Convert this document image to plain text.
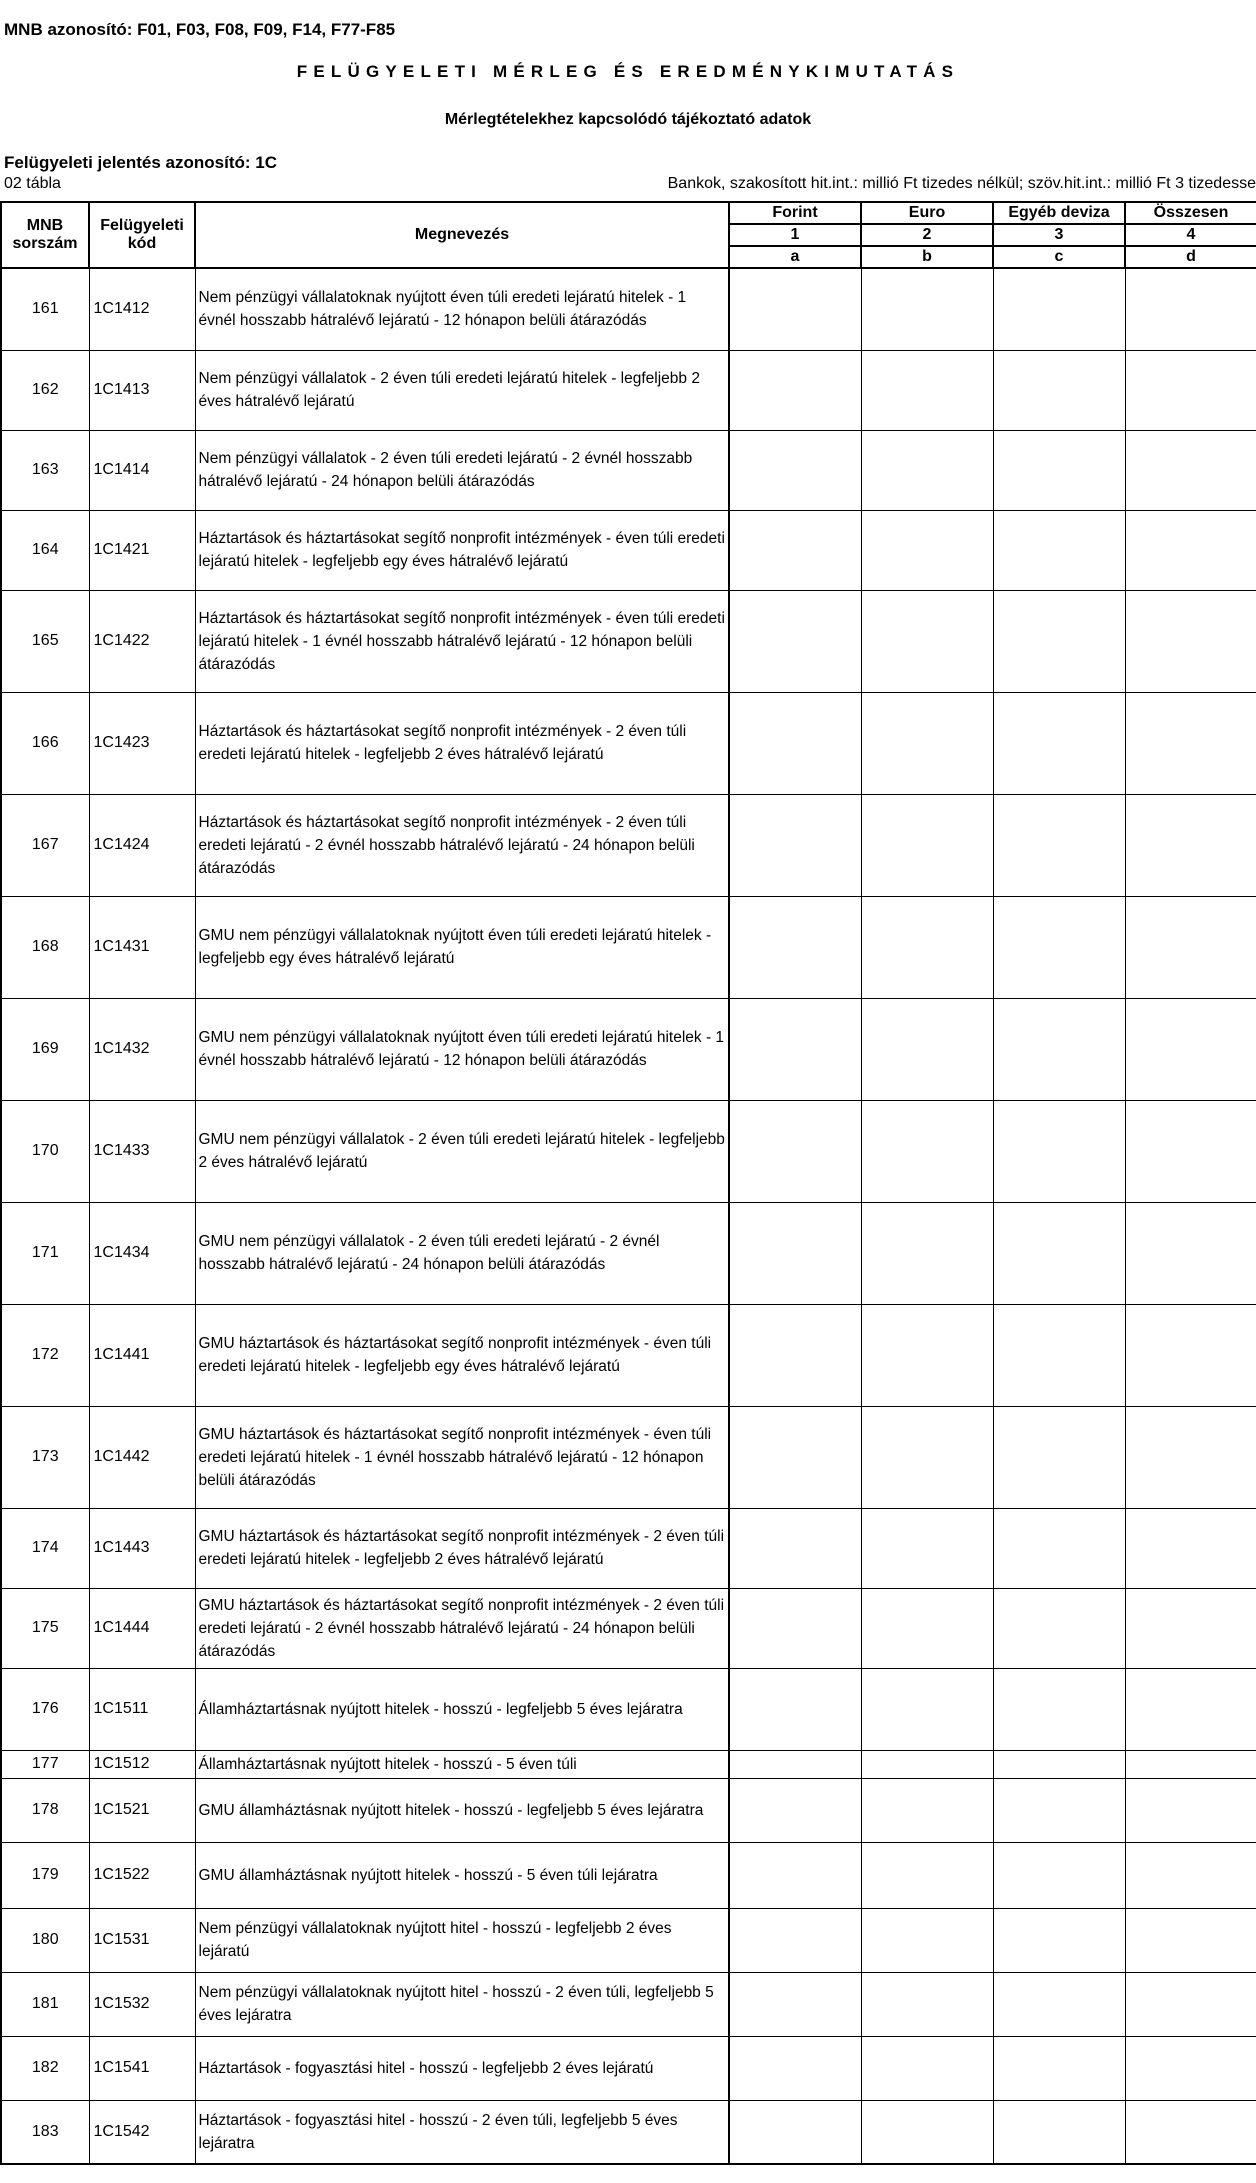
MNB azonosító: F01, F03, F08, F09, F14, F77-F85
FELÜGYELETI MÉRLEG ÉS EREDMÉNYKIMUTATÁS
Mérlegtételekhez kapcsolódó tájékoztató adatok
Felügyeleti jelentés azonosító: 1C
02 tábla	Bankok, szakosított hit.int.: millió Ft tizedes nélkül; szöv.hit.int.: millió Ft 3 tizedesse
MNB sorszám	Felügyeleti kód	Megnevezés	Forint	Euro	Egyéb deviza	Összesen
			1	2	3	4
			a	b	c	d
161	1C1412	Nem pénzügyi vállalatoknak nyújtott éven túli eredeti lejáratú hitelek - 1 évnél hosszabb hátralévő lejáratú - 12 hónapon belüli átárazódás				
162	1C1413	Nem pénzügyi vállalatok - 2 éven túli eredeti lejáratú hitelek - legfeljebb 2 éves hátralévő lejáratú				
163	1C1414	Nem pénzügyi vállalatok - 2 éven túli eredeti lejáratú - 2 évnél hosszabb hátralévő lejáratú - 24 hónapon belüli átárazódás				
164	1C1421	Háztartások és háztartásokat segítő nonprofit intézmények - éven túli eredeti lejáratú hitelek - legfeljebb egy éves hátralévő lejáratú				
165	1C1422	Háztartások és háztartásokat segítő nonprofit intézmények - éven túli eredeti lejáratú hitelek - 1 évnél hosszabb hátralévő lejáratú - 12 hónapon belüli átárazódás				
166	1C1423	Háztartások és háztartásokat segítő nonprofit intézmények - 2 éven túli eredeti lejáratú hitelek - legfeljebb 2 éves hátralévő lejáratú				
167	1C1424	Háztartások és háztartásokat segítő nonprofit intézmények - 2 éven túli eredeti lejáratú - 2 évnél hosszabb hátralévő lejáratú - 24 hónapon belüli átárazódás				
168	1C1431	GMU nem pénzügyi vállalatoknak nyújtott éven túli eredeti lejáratú hitelek - legfeljebb egy éves hátralévő lejáratú				
169	1C1432	GMU nem pénzügyi vállalatoknak nyújtott éven túli eredeti lejáratú hitelek - 1 évnél hosszabb hátralévő lejáratú - 12 hónapon belüli átárazódás				
170	1C1433	GMU nem pénzügyi vállalatok - 2 éven túli eredeti lejáratú hitelek - legfeljebb 2 éves hátralévő lejáratú				
171	1C1434	GMU nem pénzügyi vállalatok - 2 éven túli eredeti lejáratú - 2 évnél hosszabb hátralévő lejáratú - 24 hónapon belüli átárazódás				
172	1C1441	GMU háztartások és háztartásokat segítő nonprofit intézmények - éven túli eredeti lejáratú hitelek - legfeljebb egy éves hátralévő lejáratú				
173	1C1442	GMU háztartások és háztartásokat segítő nonprofit intézmények - éven túli eredeti lejáratú hitelek - 1 évnél hosszabb hátralévő lejáratú - 12 hónapon belüli átárazódás				
174	1C1443	GMU háztartások és háztartásokat segítő nonprofit intézmények - 2 éven túli eredeti lejáratú hitelek - legfeljebb 2 éves hátralévő lejáratú				
175	1C1444	GMU háztartások és háztartásokat segítő nonprofit intézmények - 2 éven túli eredeti lejáratú - 2 évnél hosszabb hátralévő lejáratú - 24 hónapon belüli átárazódás				
176	1C1511	Államháztartásnak nyújtott hitelek - hosszú - legfeljebb 5 éves lejáratra				
177	1C1512	Államháztartásnak nyújtott hitelek - hosszú - 5 éven túli				
178	1C1521	GMU államháztásnak nyújtott hitelek - hosszú - legfeljebb 5 éves lejáratra				
179	1C1522	GMU államháztásnak nyújtott hitelek - hosszú - 5 éven túli lejáratra				
180	1C1531	Nem pénzügyi vállalatoknak nyújtott hitel - hosszú - legfeljebb 2 éves lejáratú				
181	1C1532	Nem pénzügyi vállalatoknak nyújtott hitel - hosszú - 2 éven túli, legfeljebb 5 éves lejáratra				
182	1C1541	Háztartások - fogyasztási hitel - hosszú - legfeljebb 2 éves lejáratú				
183	1C1542	Háztartások - fogyasztási hitel - hosszú - 2 éven túli, legfeljebb 5 éves lejáratra				
